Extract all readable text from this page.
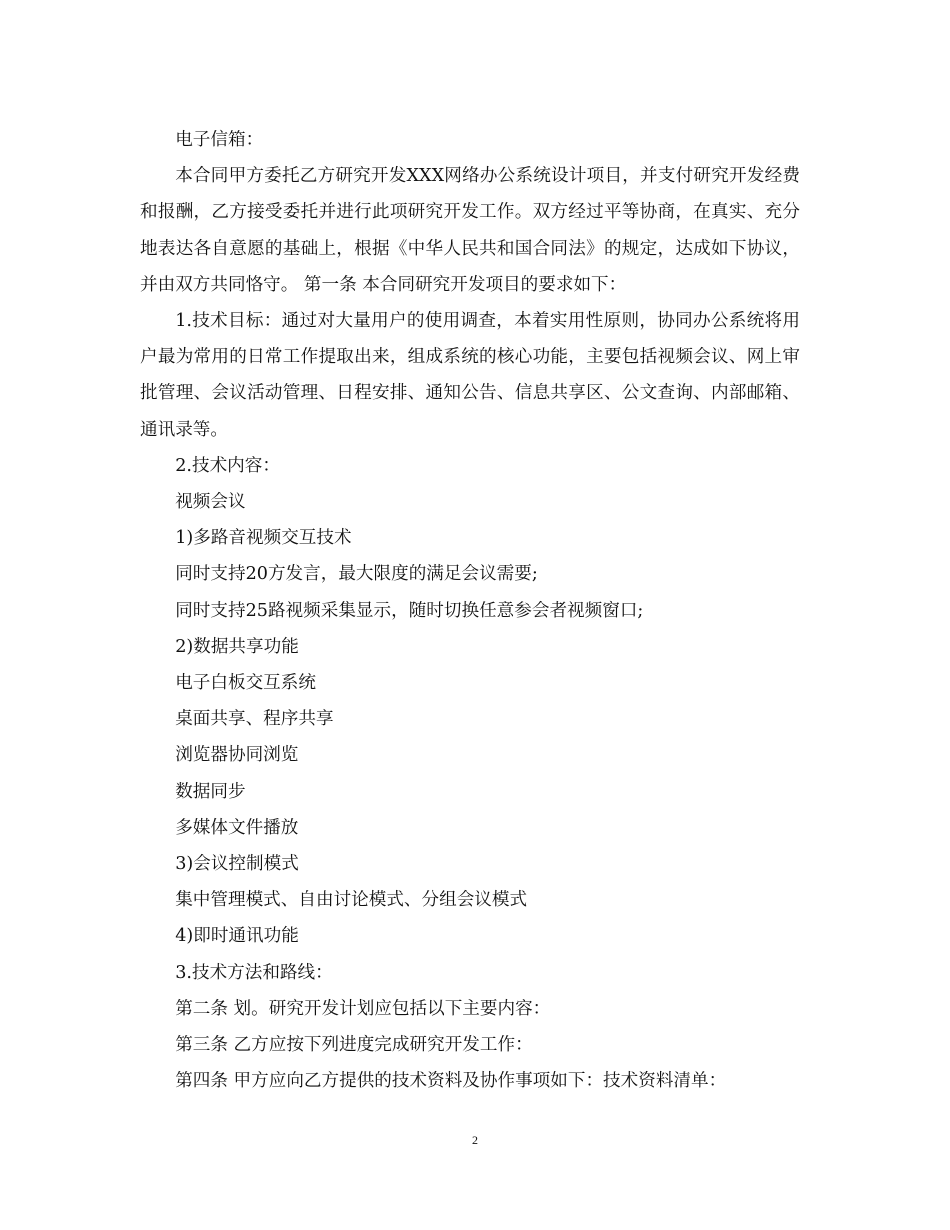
电子信箱：

本合同甲方委托乙方研究开发XXX网络办公系统设计项目，并支付研究开发经费和报酬，乙方接受委托并进行此项研究开发工作。双方经过平等协商，在真实、充分地表达各自意愿的基础上，根据《中华人民共和国合同法》的规定，达成如下协议，并由双方共同恪守。 第一条 本合同研究开发项目的要求如下：

1.技术目标：通过对大量用户的使用调查，本着实用性原则，协同办公系统将用户最为常用的日常工作提取出来，组成系统的核心功能，主要包括视频会议、网上审批管理、会议活动管理、日程安排、通知公告、信息共享区、公文查询、内部邮箱、通讯录等。

2.技术内容：

视频会议

1)多路音视频交互技术

同时支持20方发言，最大限度的满足会议需要;

同时支持25路视频采集显示，随时切换任意参会者视频窗口;

2)数据共享功能

电子白板交互系统

桌面共享、程序共享

浏览器协同浏览

数据同步

多媒体文件播放

3)会议控制模式

集中管理模式、自由讨论模式、分组会议模式

4)即时通讯功能

3.技术方法和路线：

第二条 划。研究开发计划应包括以下主要内容：

第三条 乙方应按下列进度完成研究开发工作：

第四条 甲方应向乙方提供的技术资料及协作事项如下：技术资料清单：

2
